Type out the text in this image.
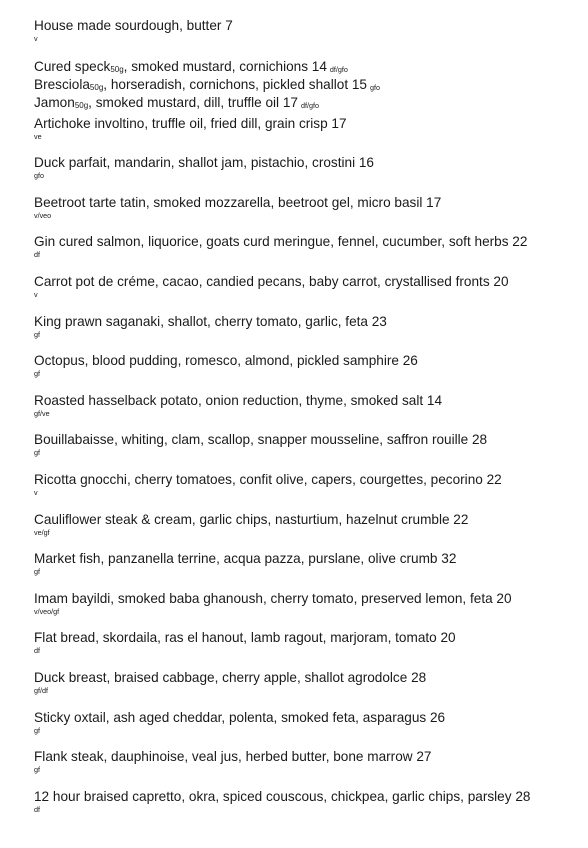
House made sourdough, butter 7
v
Cured speck50g, smoked mustard, cornichions 14 df/gfo
Bresciola50g, horseradish, cornichons, pickled shallot 15 gfo
Jamon50g, smoked mustard, dill, truffle oil 17 df/gfo
Artichoke involtino, truffle oil, fried dill, grain crisp 17
ve
Duck parfait, mandarin, shallot jam, pistachio, crostini 16
gfo
Beetroot tarte tatin, smoked mozzarella, beetroot gel, micro basil 17
v/veo
Gin cured salmon, liquorice, goats curd meringue, fennel, cucumber, soft herbs 22
df
Carrot pot de créme, cacao, candied pecans, baby carrot, crystallised fronts 20
v
King prawn saganaki, shallot, cherry tomato, garlic, feta 23
gf
Octopus, blood pudding, romesco, almond, pickled samphire 26
gf
Roasted hasselback potato, onion reduction, thyme, smoked salt 14
gf/ve
Bouillabaisse, whiting, clam, scallop, snapper mousseline, saffron rouille 28
gf
Ricotta gnocchi, cherry tomatoes, confit olive, capers, courgettes, pecorino 22
v
Cauliflower steak & cream, garlic chips, nasturtium, hazelnut crumble 22
ve/gf
Market fish, panzanella terrine, acqua pazza, purslane, olive crumb 32
gf
Imam bayildi, smoked baba ghanoush, cherry tomato, preserved lemon, feta 20
v/veo/gf
Flat bread, skordaila, ras el hanout, lamb ragout, marjoram, tomato 20
df
Duck breast, braised cabbage, cherry apple, shallot agrodolce 28
gf/df
Sticky oxtail, ash aged cheddar, polenta, smoked feta, asparagus 26
gf
Flank steak, dauphinoise, veal jus, herbed butter, bone marrow 27
gf
12 hour braised capretto, okra, spiced couscous, chickpea, garlic chips, parsley 28
df
